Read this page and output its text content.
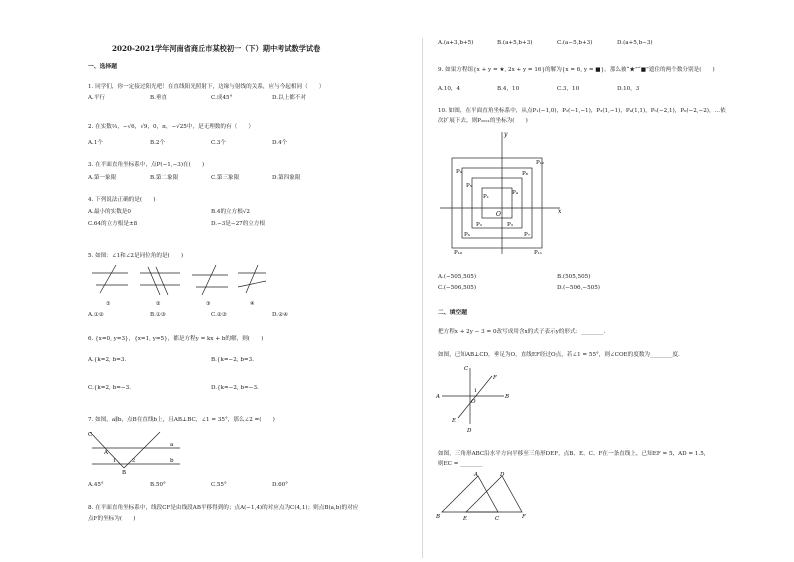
2020-2021学年河南省商丘市某校初一（下）期中考试数学试卷
一、选择题
1. 同学们，你一定接过阳光吧！在直线阳光照射下，边缘与射线的关系，应与今起相同（　　）
A.平行	B.垂直	C.成45°	D.以上都不对
2. 在实数⅔，−√6，√9，0，π，−√25中，是无理数的有（　　）
A.1个	B.2个	C.3个	D.4个
3. 在平面直角坐标系中，点P(−1,−3)在(　　)
A.第一象限	B.第二象限	C.第三象限	D.第四象限
4. 下列说法正确的是(　　)
A.最小的实数是0	B.4的立方根√2
C.64的立方根是±8	D.−3是−27的立方根
5. 如图：∠1和∠2是同位角的是(　　)
①	②	③	④
A.①②	B.①③	C.②③	D.②④
6. {x=0, y=3}，{x=1, y=5}，都是方程y = kx + b的解，则(　　)
A.{k=2, b=3.	B.{k=−2, b=3.
C.{k=2, b=−3.	D.{k=−2, b=−3.
7. 如图，a∥b，点B在直线b上，且AB⊥BC，∠1 = 35°，那么∠2 =(　　)
C
A
a
1	2
B
b
A.45°	B.50°	C.55°	D.60°
8. 在平面直角坐标系中，线段CF是由线段AB平移得到的；点A(−1,4)的对应点为C(4,1)；则点B(a,b)的对应
点F的坐标为(　　)
A.(a+3,b+5)	B.(a+5,b+3)	C.(a−5,b+3)	D.(a+5,b−3)
9. 如果方程组{x + y = ★, 2x + y = 16}的解为{x = 6, y = ■}，那么被“★”“■”遮住的两个数分别是(　　)
A.10，4	B.4，10	C.3，10	D.10，3
10. 如图，在平面直角坐标系中，从点P₁(−1,0)，P₂(−1,−1)，P₃(1,−1)，P₄(1,1)，P₅(−2,1)，P₆(−2,−2)，…依
次扩展下去，则P₂₀₂₁的坐标为(　　)
y
x
O
P₁
P₂	P₃
P₄
P₅
P₆	P₇
P₈
P₉
P₁₀	P₁₁
P₁₂
A.(−505,505)	B.(505,505)
C.(−506,505)	D.(−506,−505)
二、填空题
把方程x + 2y − 3 = 0改写成用含x的式子表示y的形式：________.
如图，已知AB⊥CD，垂足为O，直线EF经过O点，若∠1 = 55°，则∠COE的度数为________度.
C
F
A
O
B
E
D
1
如图，三角形ABC沿水平方向平移至三角形DEF，点B、E、C、F在一条直线上，已知EF = 5，AD = 1.5，
则EC = ________
A	D
B	E	C	F
